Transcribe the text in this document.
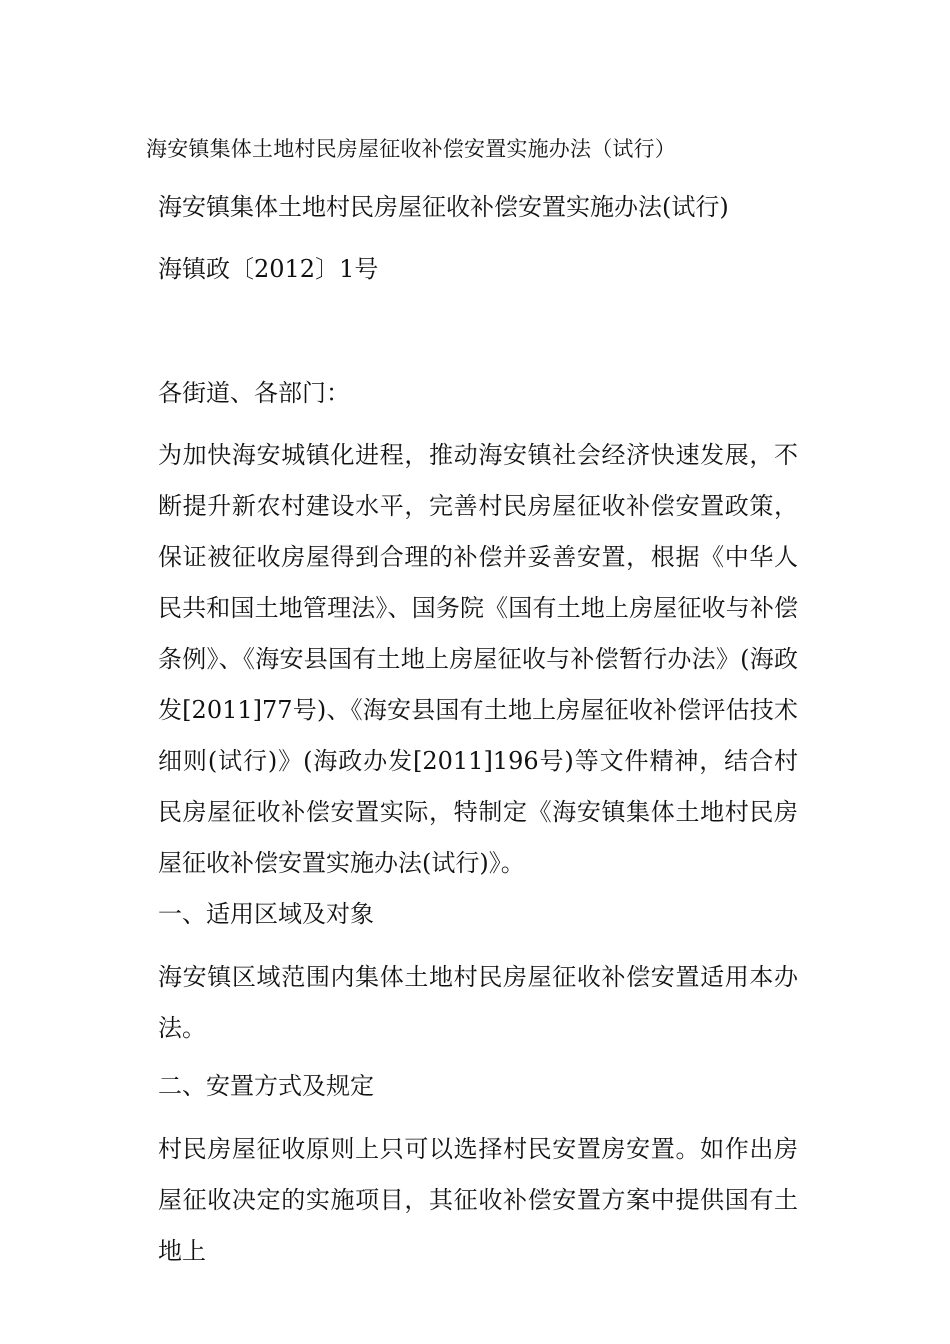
海安镇集体土地村民房屋征收补偿安置实施办法（试行）
海安镇集体土地村民房屋征收补偿安置实施办法(试行)
海镇政〔2012〕1号
各街道、各部门：
为加快海安城镇化进程，推动海安镇社会经济快速发展，不断提升新农村建设水平，完善村民房屋征收补偿安置政策，保证被征收房屋得到合理的补偿并妥善安置，根据《中华人民共和国土地管理法》、国务院《国有土地上房屋征收与补偿条例》、《海安县国有土地上房屋征收与补偿暂行办法》(海政发[2011]77号)、《海安县国有土地上房屋征收补偿评估技术细则(试行)》(海政办发[2011]196号)等文件精神，结合村民房屋征收补偿安置实际，特制定《海安镇集体土地村民房屋征收补偿安置实施办法(试行)》。
一、适用区域及对象
海安镇区域范围内集体土地村民房屋征收补偿安置适用本办法。
二、安置方式及规定
村民房屋征收原则上只可以选择村民安置房安置。如作出房屋征收决定的实施项目，其征收补偿安置方案中提供国有土地上
